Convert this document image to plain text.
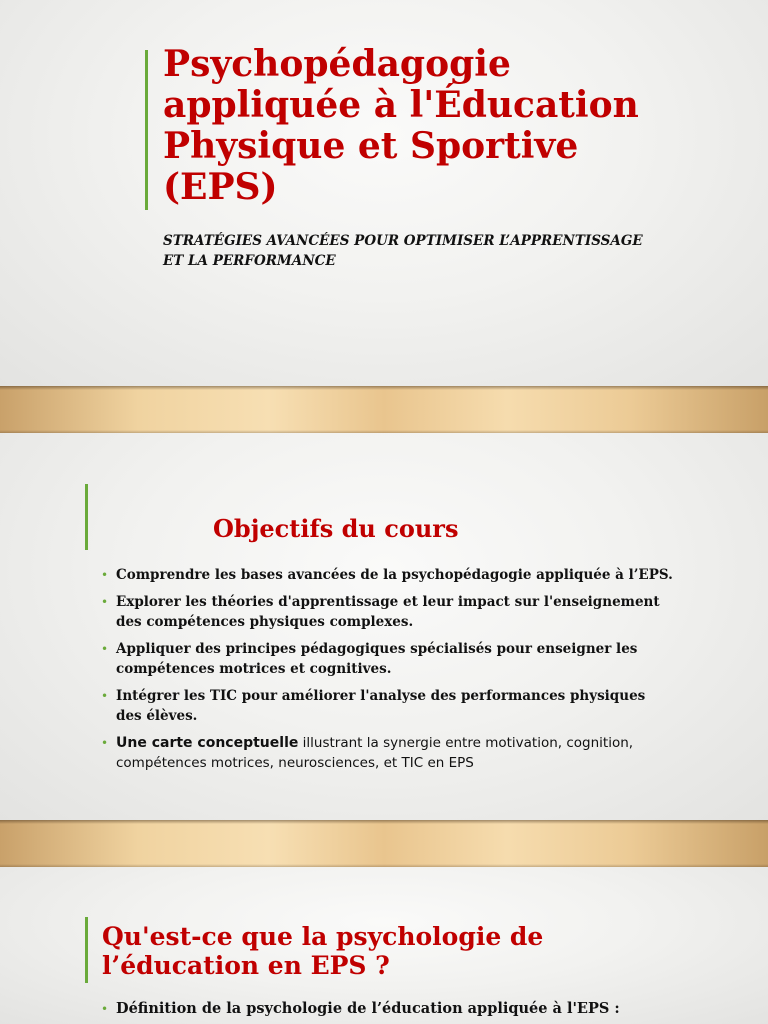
Psychopédagogie
appliquée à l'Éducation
Physique et Sportive
(EPS)

STRATÉGIES AVANCÉES POUR OPTIMISER L’APPRENTISSAGE
ET LA PERFORMANCE

Objectifs du cours
• Comprendre les bases avancées de la psychopédagogie appliquée à l’EPS.
• Explorer les théories d'apprentissage et leur impact sur l'enseignement
des compétences physiques complexes.
• Appliquer des principes pédagogiques spécialisés pour enseigner les
compétences motrices et cognitives.
• Intégrer les TIC pour améliorer l'analyse des performances physiques
des élèves.
• Une carte conceptuelle illustrant la synergie entre motivation, cognition,
compétences motrices, neurosciences, et TIC en EPS
Qu'est-ce que la psychologie de
l’éducation en EPS ?
• Définition de la psychologie de l’éducation appliquée à l'EPS :
